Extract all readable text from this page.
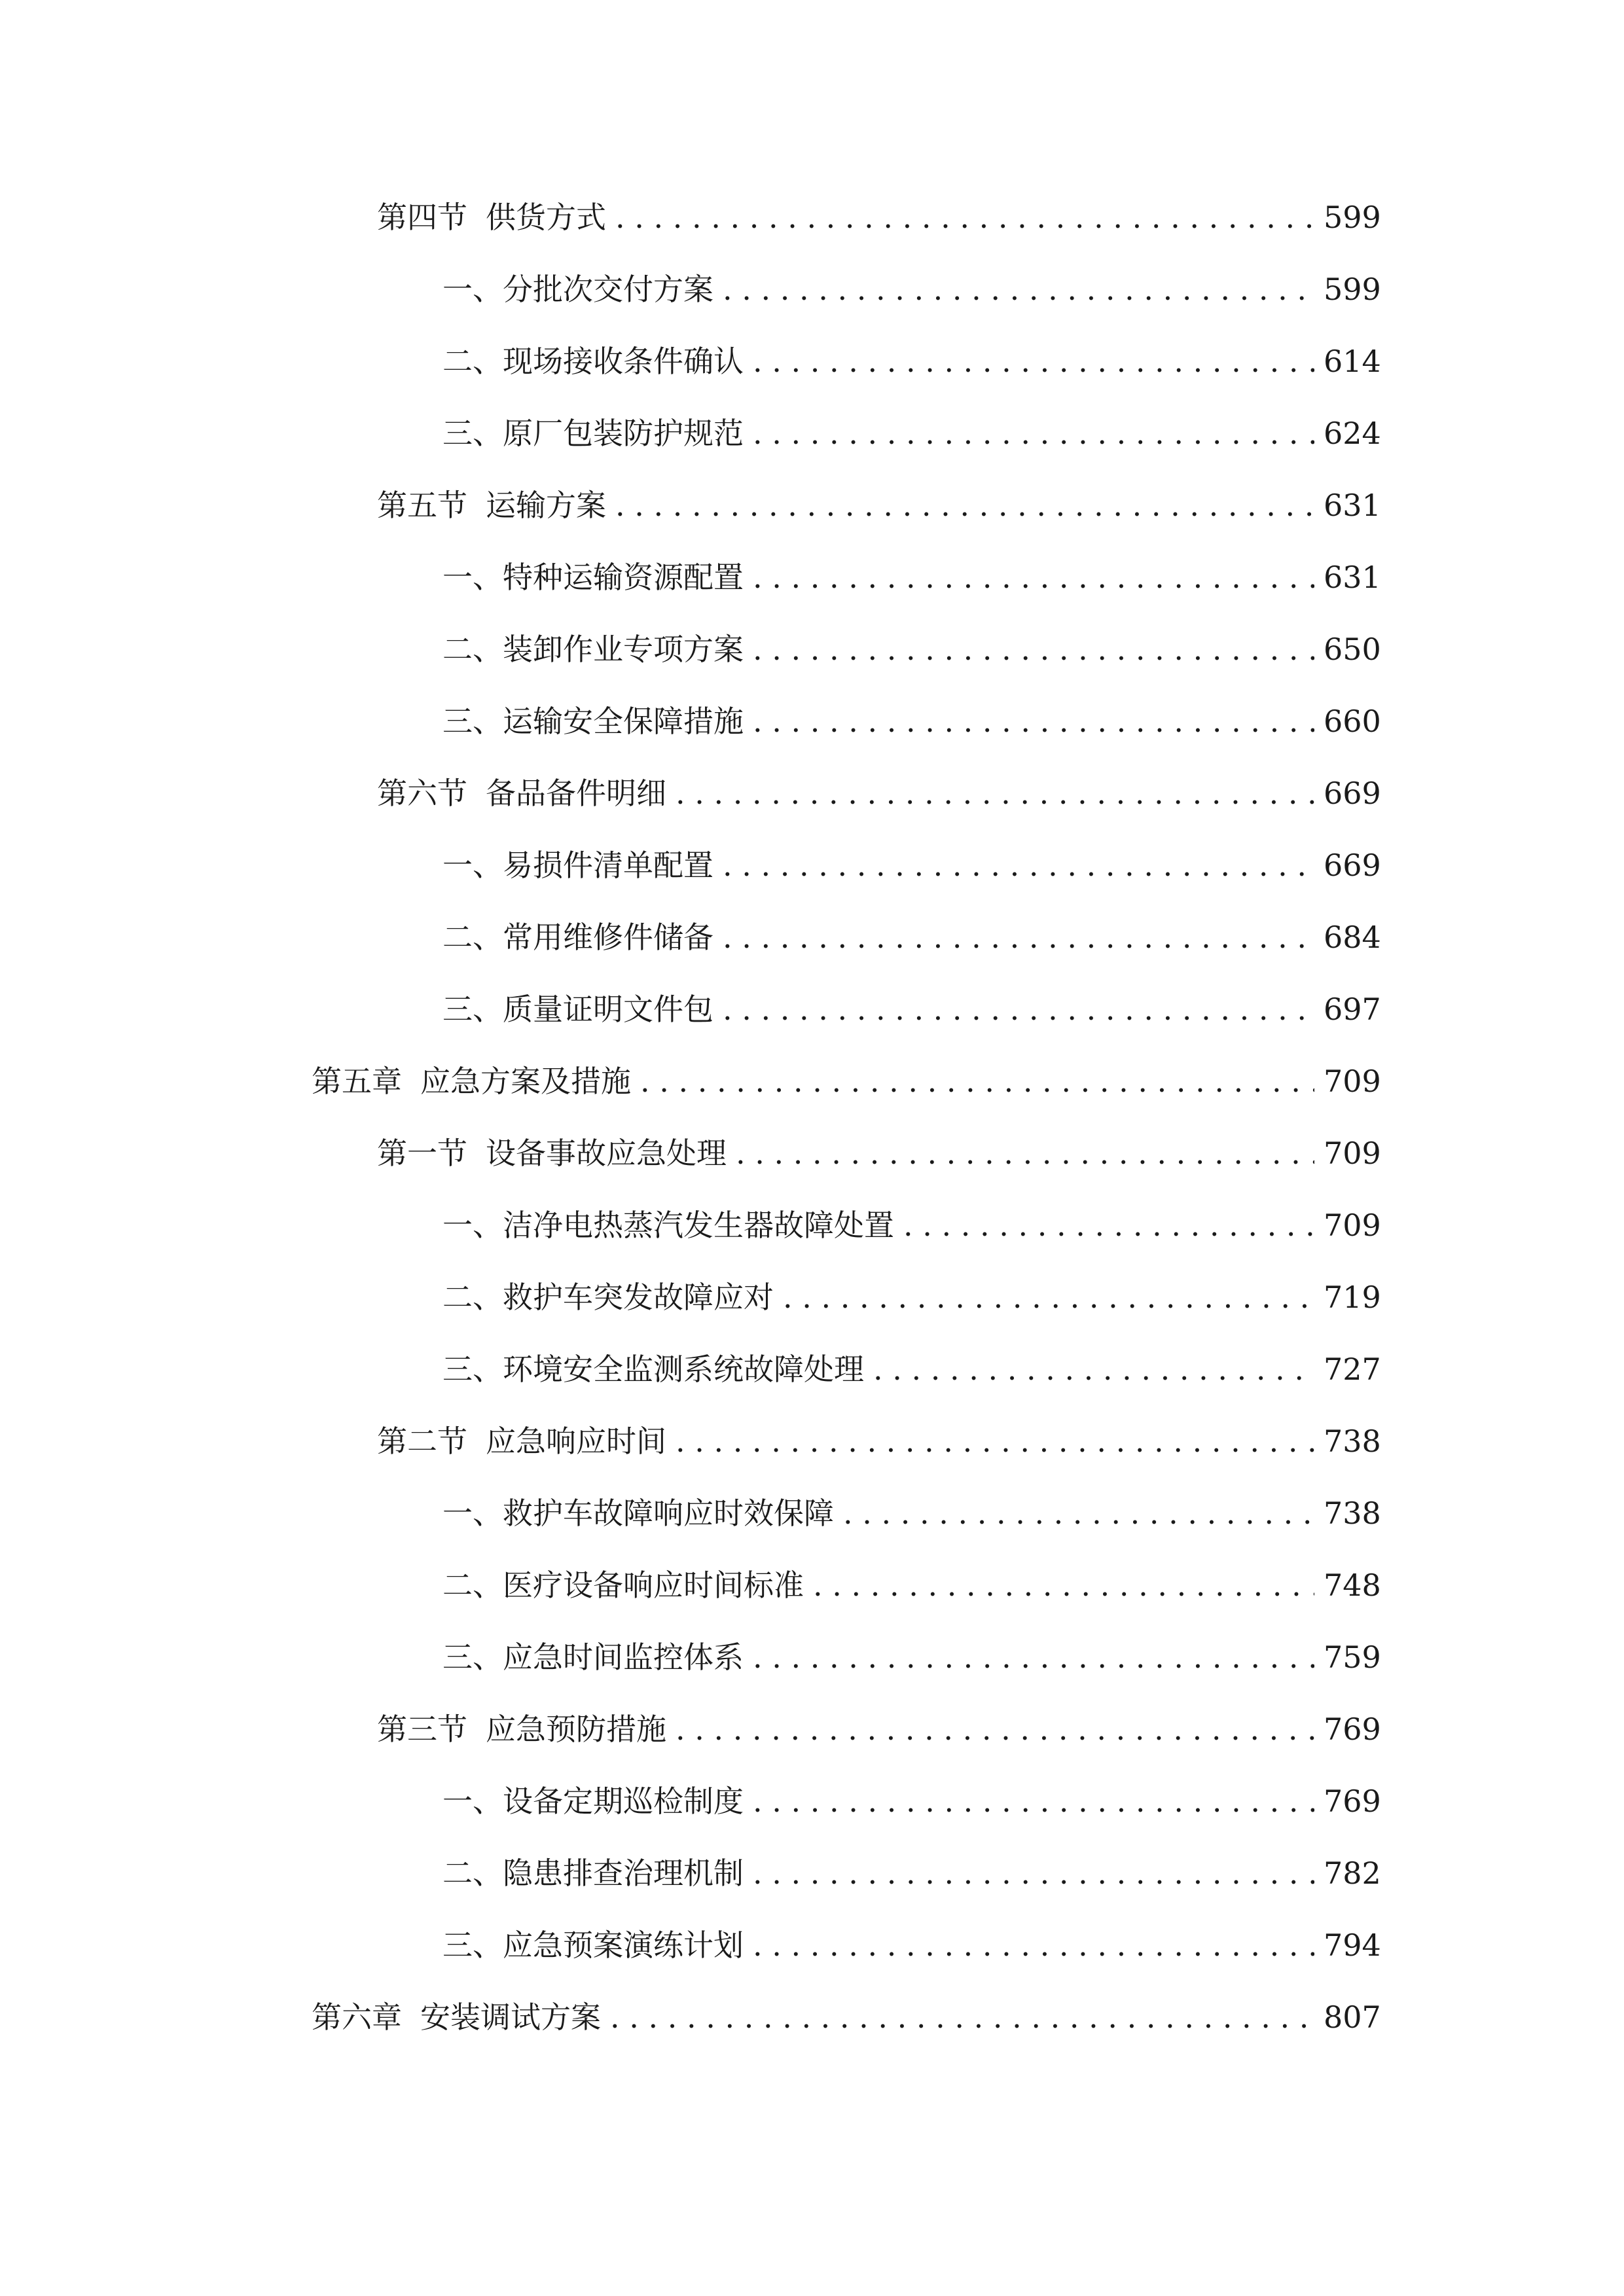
第四节 供货方式 . . .	599
一、 分批次交付方案 . . .	599
二、 现场接收条件确认 . . .	614
三、 原厂包装防护规范 . . .	624
第五节 运输方案 . . .	631
一、 特种运输资源配置 . . .	631
二、 装卸作业专项方案 . . .	650
三、 运输安全保障措施 . . .	660
第六节 备品备件明细 . . .	669
一、 易损件清单配置 . . .	669
二、 常用维修件储备 . . .	684
三、 质量证明文件包 . . .	697
第五章 应急方案及措施 . . .	709
第一节 设备事故应急处理 . . .	709
一、 洁净电热蒸汽发生器故障处置 . . .	709
二、 救护车突发故障应对 . . .	719
三、 环境安全监测系统故障处理 . . .	727
第二节 应急响应时间 . . .	738
一、 救护车故障响应时效保障 . . .	738
二、 医疗设备响应时间标准 . . .	748
三、 应急时间监控体系 . . .	759
第三节 应急预防措施 . . .	769
一、 设备定期巡检制度 . . .	769
二、 隐患排查治理机制 . . .	782
三、 应急预案演练计划 . . .	794
第六章 安装调试方案 . . .	807
